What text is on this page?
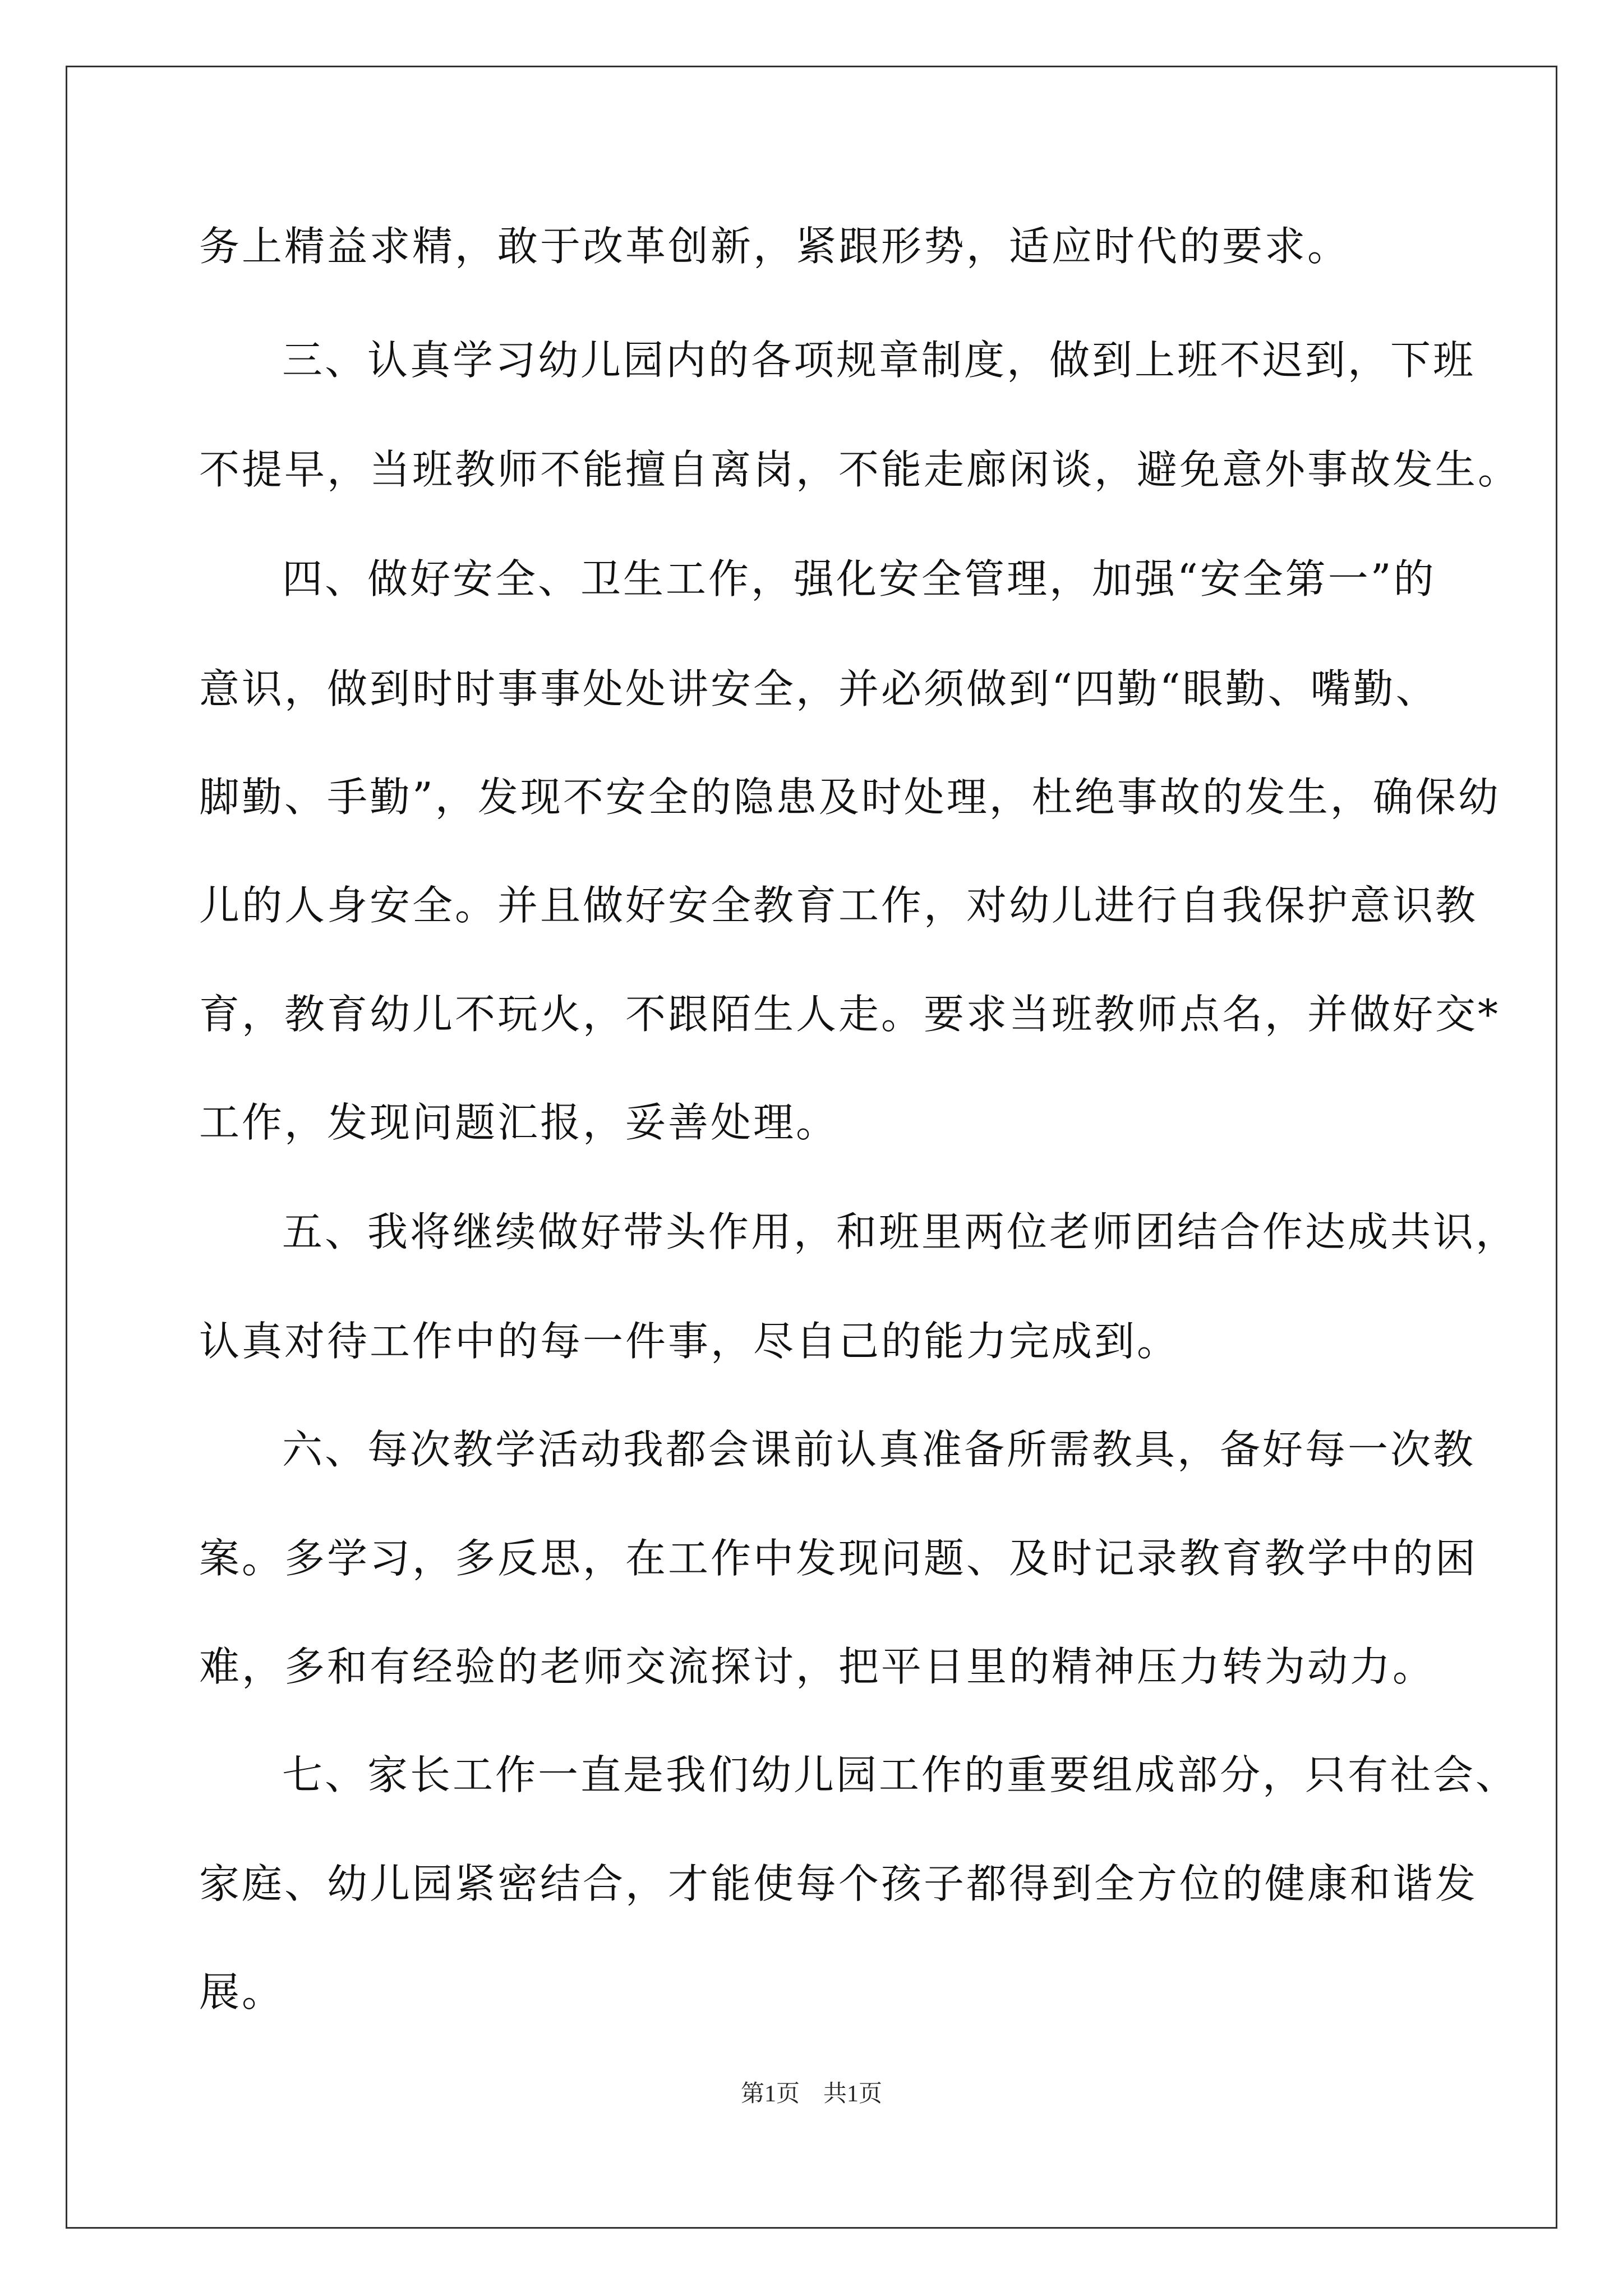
务上精益求精，敢于改革创新，紧跟形势，适应时代的要求。
三、认真学习幼儿园内的各项规章制度，做到上班不迟到，下班
不提早，当班教师不能擅自离岗，不能走廊闲谈，避免意外事故发生。
四、做好安全、卫生工作，强化安全管理，加强“安全第一”的
意识，做到时时事事处处讲安全，并必须做到“四勤“眼勤、嘴勤、
脚勤、手勤”，发现不安全的隐患及时处理，杜绝事故的发生，确保幼
儿的人身安全。并且做好安全教育工作，对幼儿进行自我保护意识教
育，教育幼儿不玩火，不跟陌生人走。要求当班教师点名，并做好交*
工作，发现问题汇报，妥善处理。
五、我将继续做好带头作用，和班里两位老师团结合作达成共识，
认真对待工作中的每一件事，尽自己的能力完成到。
六、每次教学活动我都会课前认真准备所需教具，备好每一次教
案。多学习，多反思，在工作中发现问题、及时记录教育教学中的困
难，多和有经验的老师交流探讨，把平日里的精神压力转为动力。
七、家长工作一直是我们幼儿园工作的重要组成部分，只有社会、
家庭、幼儿园紧密结合，才能使每个孩子都得到全方位的健康和谐发
展。
第1页　共1页
